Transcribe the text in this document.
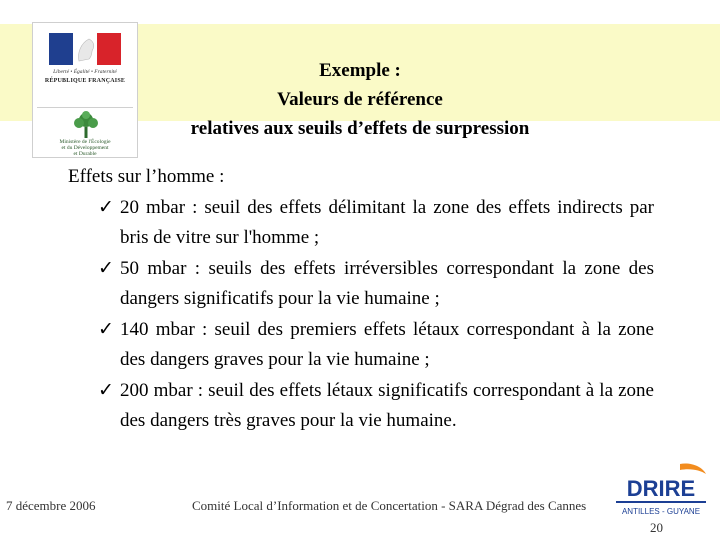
Liberté • Égalité • Fraternité
RÉPUBLIQUE FRANÇAISE
Ministère de l'Écologie
et du Développement
et Durable
Exemple :
Valeurs de référence
relatives aux seuils d’effets de surpression

Effets sur l’homme :

✓ 20 mbar : seuil des effets délimitant la zone des effets indirects par bris de vitre sur l'homme ;

✓ 50 mbar : seuils des effets irréversibles correspondant la zone des dangers significatifs pour la vie humaine ;

✓ 140 mbar : seuil des premiers effets létaux correspondant à la zone des dangers graves pour la vie humaine ;

✓ 200 mbar : seuil des effets létaux significatifs correspondant à la zone des dangers très graves pour la vie humaine.

7 décembre 2006	Comité Local d’Information et de Concertation - SARA Dégrad des Cannes
DRIRE
ANTILLES - GUYANE
20
